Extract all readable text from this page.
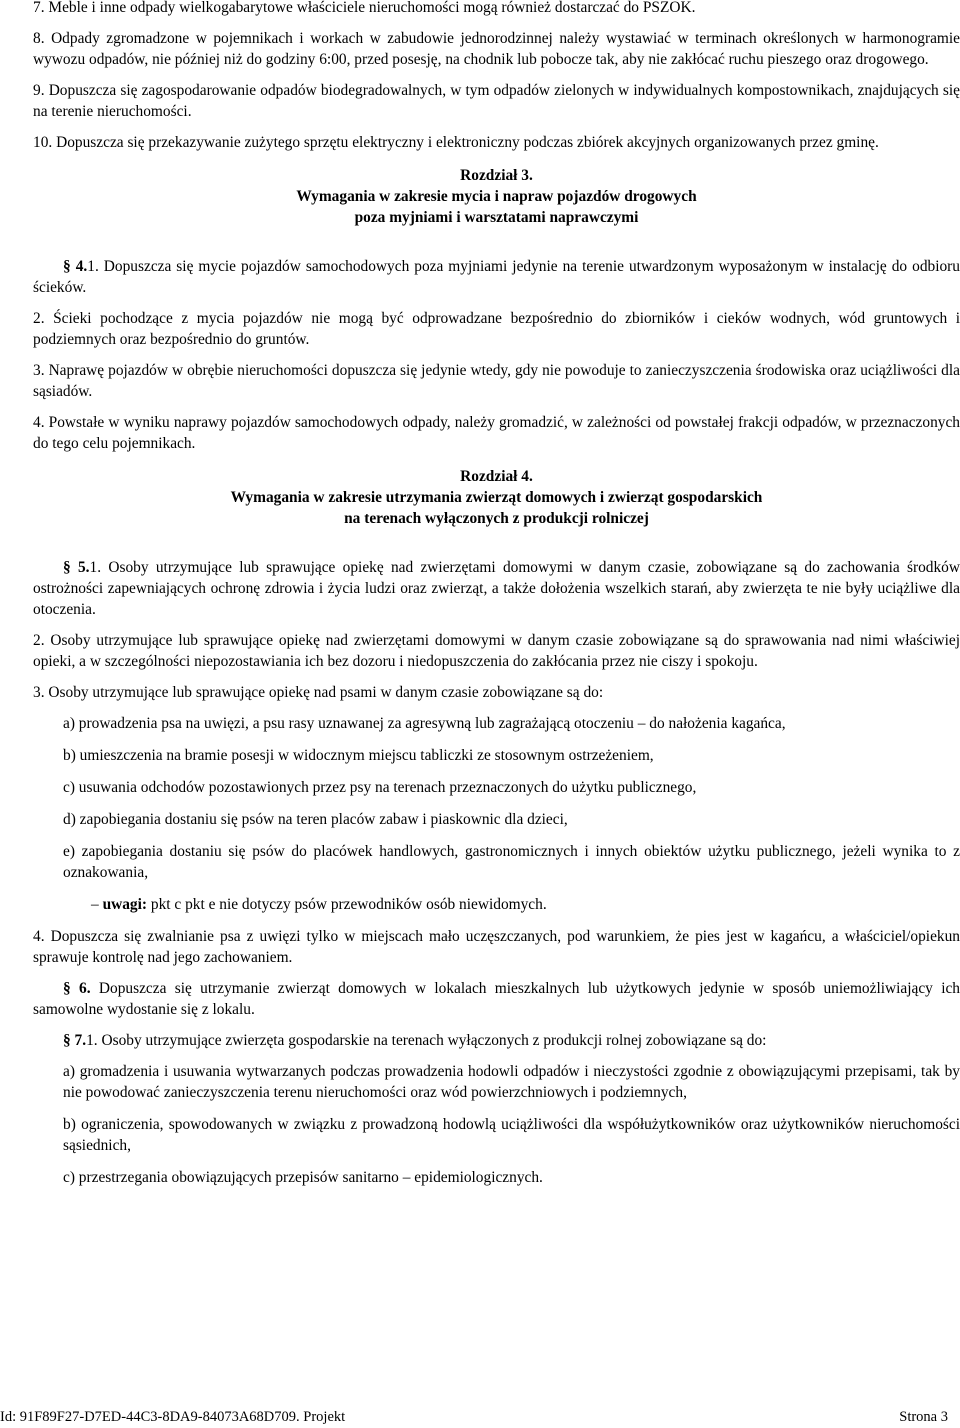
7. Meble i inne odpady wielkogabarytowe właściciele nieruchomości mogą również dostarczać do PSZOK.

8. Odpady zgromadzone w pojemnikach i workach w zabudowie jednorodzinnej należy wystawiać w terminach określonych w harmonogramie wywozu odpadów, nie później niż do godziny 6:00, przed posesję, na chodnik lub pobocze tak, aby nie zakłócać ruchu pieszego oraz drogowego.

9. Dopuszcza się zagospodarowanie odpadów biodegradowalnych, w tym odpadów zielonych w indywidualnych kompostownikach, znajdujących się na terenie nieruchomości.

10. Dopuszcza się przekazywanie zużytego sprzętu elektryczny i elektroniczny podczas zbiórek akcyjnych organizowanych przez gminę.

Rozdział 3.

Wymagania w zakresie mycia i napraw pojazdów drogowych

poza myjniami i warsztatami naprawczymi

§ 4.1. Dopuszcza się mycie pojazdów samochodowych poza myjniami jedynie na terenie utwardzonym wyposażonym w instalację do odbioru ścieków.

2. Ścieki pochodzące z mycia pojazdów nie mogą być odprowadzane bezpośrednio do zbiorników i cieków wodnych, wód gruntowych i podziemnych oraz bezpośrednio do gruntów.

3. Naprawę pojazdów w obrębie nieruchomości dopuszcza się jedynie wtedy, gdy nie powoduje to zanieczyszczenia środowiska oraz uciążliwości dla sąsiadów.

4. Powstałe w wyniku naprawy pojazdów samochodowych odpady, należy gromadzić, w zależności od powstałej frakcji odpadów, w przeznaczonych do tego celu pojemnikach.

Rozdział 4.

Wymagania w zakresie utrzymania zwierząt domowych i zwierząt gospodarskich

na terenach wyłączonych z produkcji rolniczej

§ 5.1. Osoby utrzymujące lub sprawujące opiekę nad zwierzętami domowymi w danym czasie, zobowiązane są do zachowania środków ostrożności zapewniających ochronę zdrowia i życia ludzi oraz zwierząt, a także dołożenia wszelkich starań, aby zwierzęta te nie były uciążliwe dla otoczenia.

2. Osoby utrzymujące lub sprawujące opiekę nad zwierzętami domowymi w danym czasie zobowiązane są do sprawowania nad nimi właściwiej opieki, a w szczególności niepozostawiania ich bez dozoru i niedopuszczenia do zakłócania przez nie ciszy i spokoju.

3. Osoby utrzymujące lub sprawujące opiekę nad psami w danym czasie zobowiązane są do:

a) prowadzenia psa na uwięzi, a psu rasy uznawanej za agresywną lub zagrażającą otoczeniu – do nałożenia kagańca,

b) umieszczenia na bramie posesji w widocznym miejscu tabliczki ze stosownym ostrzeżeniem,

c) usuwania odchodów pozostawionych przez psy na terenach przeznaczonych do użytku publicznego,

d) zapobiegania dostaniu się psów na teren placów zabaw i piaskownic dla dzieci,

e) zapobiegania dostaniu się psów do placówek handlowych, gastronomicznych i innych obiektów użytku publicznego, jeżeli wynika to z oznakowania,

– uwagi: pkt c pkt e nie dotyczy psów przewodników osób niewidomych.

4. Dopuszcza się zwalnianie psa z uwięzi tylko w miejscach mało uczęszczanych, pod warunkiem, że pies jest w kagańcu, a właściciel/opiekun sprawuje kontrolę nad jego zachowaniem.

§ 6. Dopuszcza się utrzymanie zwierząt domowych w lokalach mieszkalnych lub użytkowych jedynie w sposób uniemożliwiający ich samowolne wydostanie się z lokalu.

§ 7.1. Osoby utrzymujące zwierzęta gospodarskie na terenach wyłączonych z produkcji rolnej zobowiązane są do:

a) gromadzenia i usuwania wytwarzanych podczas prowadzenia hodowli odpadów i nieczystości zgodnie z obowiązującymi przepisami, tak by nie powodować zanieczyszczenia terenu nieruchomości oraz wód powierzchniowych i podziemnych,

b) ograniczenia, spowodowanych w związku z prowadzoną hodowlą uciążliwości dla współużytkowników oraz użytkowników nieruchomości sąsiednich,

c) przestrzegania obowiązujących przepisów sanitarno – epidemiologicznych.

Id: 91F89F27-D7ED-44C3-8DA9-84073A68D709. Projekt	Strona 3
